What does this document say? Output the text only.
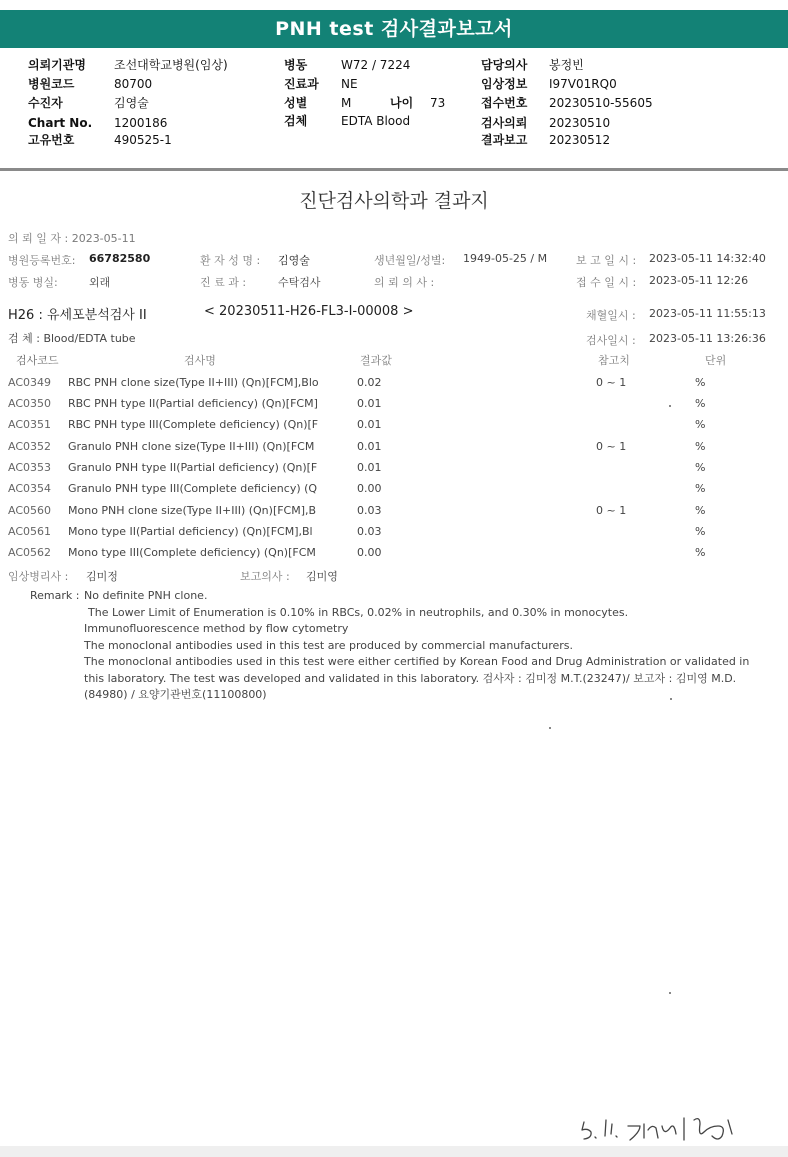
PNH test 검사결과보고서
의뢰기관명 조선대학교병원(임상)
병원코드	80700
수진자	김영술
Chart No. 1200186
고유번호	490525-1
병동	W72 / 7224
진료과 NE
성별	M	나이 73
검체	EDTA Blood
담당의사 봉정빈
임상정보 I97V01RQ0
접수번호 20230510-55605
검사의뢰 20230510
결과보고 20230512
진단검사의학과 결과지
의 뢰 일 자 : 2023-05-11
병원등록번호: 66782580	환 자 성 명 : 김영술	생년월일/성별: 1949-05-25 / M	보 고 일 시 : 2023-05-11 14:32:40
병동 병실:	외래	진 료 과 :	수탁검사	의 뢰 의 사 :	접 수 일 시 : 2023-05-11 12:26
H26 : 유세포분석검사 II	< 20230511-H26-FL3-I-00008 >	채혈일시 : 2023-05-11 11:55:13
검 체 : Blood/EDTA tube	검사일시 : 2023-05-11 13:26:36
검사코드	검사명	결과값	참고치	단위
AC0349	RBC PNH clone size(Type II+III) (Qn)[FCM],Blo	0.02	0 ~ 1	%
AC0350	RBC PNH type II(Partial deficiency) (Qn)[FCM]	0.01	%
AC0351	RBC PNH type III(Complete deficiency) (Qn)[F	0.01	%
AC0352	Granulo PNH clone size(Type II+III) (Qn)[FCM	0.01	0 ~ 1	%
AC0353	Granulo PNH type II(Partial deficiency) (Qn)[F	0.01	%
AC0354	Granulo PNH type III(Complete deficiency) (Q	0.00	%
AC0560	Mono PNH clone size(Type II+III) (Qn)[FCM],B	0.03	0 ~ 1	%
AC0561	Mono type II(Partial deficiency) (Qn)[FCM],Bl	0.03	%
AC0562	Mono type III(Complete deficiency) (Qn)[FCM	0.00	%
임상병리사 : 김미정	보고의사 : 김미영
Remark : No definite PNH clone.
The Lower Limit of Enumeration is 0.10% in RBCs, 0.02% in neutrophils, and 0.30% in monocytes.
Immunofluorescence method by flow cytometry
The monoclonal antibodies used in this test are produced by commercial manufacturers.
The monoclonal antibodies used in this test were either certified by Korean Food and Drug Administration or validated in
this laboratory. The test was developed and validated in this laboratory. 검사자 : 김미정 M.T.(23247)/ 보고자 : 김미영 M.D.
(84980) / 요양기관번호(11100800)
